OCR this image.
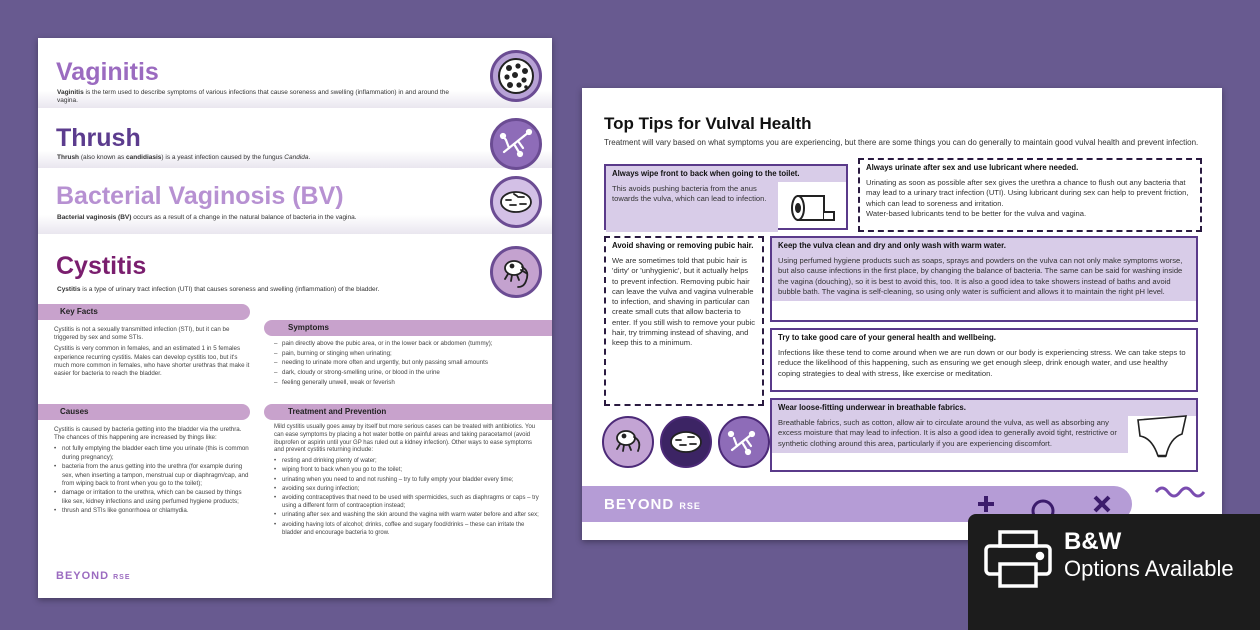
Vaginitis

Vaginitis is the term used to describe symptoms of various infections that cause soreness and swelling (inflammation) in and around the vagina.

Thrush

Thrush (also known as candidiasis) is a yeast infection caused by the fungus Candida.

Bacterial Vaginosis (BV)

Bacterial vaginosis (BV) occurs as a result of a change in the natural balance of bacteria in the vagina.

Cystitis

Cystitis is a type of urinary tract infection (UTI) that causes soreness and swelling (inflammation) of the bladder.

Key Facts

Cystitis is not a sexually transmitted infection (STI), but it can be triggered by sex and some STIs.

Cystitis is very common in females, and an estimated 1 in 5 females experience recurring cystitis. Males can develop cystitis too, but it's much more common in females, who have shorter urethras that make it easier for bacteria to reach the bladder.

Symptoms
– pain directly above the pubic area, or in the lower back or abdomen (tummy);
– pain, burning or stinging when urinating;
– needing to urinate more often and urgently, but only passing small amounts
– dark, cloudy or strong-smelling urine, or blood in the urine
– feeling generally unwell, weak or feverish
Causes

Cystitis is caused by bacteria getting into the bladder via the urethra. The chances of this happening are increased by things like:

• not fully emptying the bladder each time you urinate (this is common during pregnancy);
• bacteria from the anus getting into the urethra (for example during sex, when inserting a tampon, menstrual cup or diaphragm/cap, and from wiping back to front when you go to the toilet);
• damage or irritation to the urethra, which can be caused by things like sex, kidney infections and using perfumed hygiene products;
• thrush and STIs like gonorrhoea or chlamydia.
Treatment and Prevention

Mild cystitis usually goes away by itself but more serious cases can be treated with antibiotics. You can ease symptoms by placing a hot water bottle on painful areas and taking paracetamol (avoid ibuprofen or aspirin until your GP has ruled out a kidney infection). Other ways to ease symptoms and prevent cystitis returning include:

• resting and drinking plenty of water;
• wiping front to back when you go to the toilet;
• urinating when you need to and not rushing – try to fully empty your bladder every time;
• avoiding sex during infection;
• avoiding contraceptives that need to be used with spermicides, such as diaphragms or caps – try using a different form of contraception instead;
• urinating after sex and washing the skin around the vagina with warm water before and after sex;
• avoiding having lots of alcohol; drinks, coffee and sugary food/drinks – these can irritate the bladder and encourage bacteria to grow.
BEYOND RSE
Top Tips for Vulval Health
Treatment will vary based on what symptoms you are experiencing, but there are some things you can do generally to maintain good vulval health and prevent infection.
Always wipe front to back when going to the toilet.
This avoids pushing bacteria from the anus towards the vulva, which can lead to infection.
Always urinate after sex and use lubricant where needed.
Urinating as soon as possible after sex gives the urethra a chance to flush out any bacteria that may lead to a urinary tract infection (UTI). Using lubricant during sex can help to prevent friction, which can lead to soreness and irritation.
Water-based lubricants tend to be better for the vulva and vagina.
Avoid shaving or removing pubic hair.
We are sometimes told that pubic hair is 'dirty' or 'unhygienic', but it actually helps to prevent infection. Removing pubic hair can leave the vulva and vagina vulnerable to infection, and shaving in particular can create small cuts that allow bacteria to enter. If you still wish to remove your pubic hair, try trimming instead of shaving, and keep this to a minimum.
Keep the vulva clean and dry and only wash with warm water.
Using perfumed hygiene products such as soaps, sprays and powders on the vulva can not only make symptoms worse, but also cause infections in the first place, by changing the balance of bacteria. The same can be said for washing inside the vagina (douching), so it is best to avoid this, too. It is also a good idea to take showers instead of baths and avoid bubble bath. The vagina is self-cleaning, so using only water is sufficient and allows it to maintain the right pH level.
Try to take good care of your general health and wellbeing.
Infections like these tend to come around when we are run down or our body is experiencing stress. We can take steps to reduce the likelihood of this happening, such as ensuring we get enough sleep, drink enough water, and use healthy coping strategies to deal with stress, like exercise or meditation.
Wear loose-fitting underwear in breathable fabrics.
Breathable fabrics, such as cotton, allow air to circulate around the vulva, as well as absorbing any excess moisture that may lead to infection. It is also a good idea to generally avoid tight, restrictive or synthetic clothing around this area, particularly if you are experiencing discomfort.
BEYOND RSE
B&W
Options Available
